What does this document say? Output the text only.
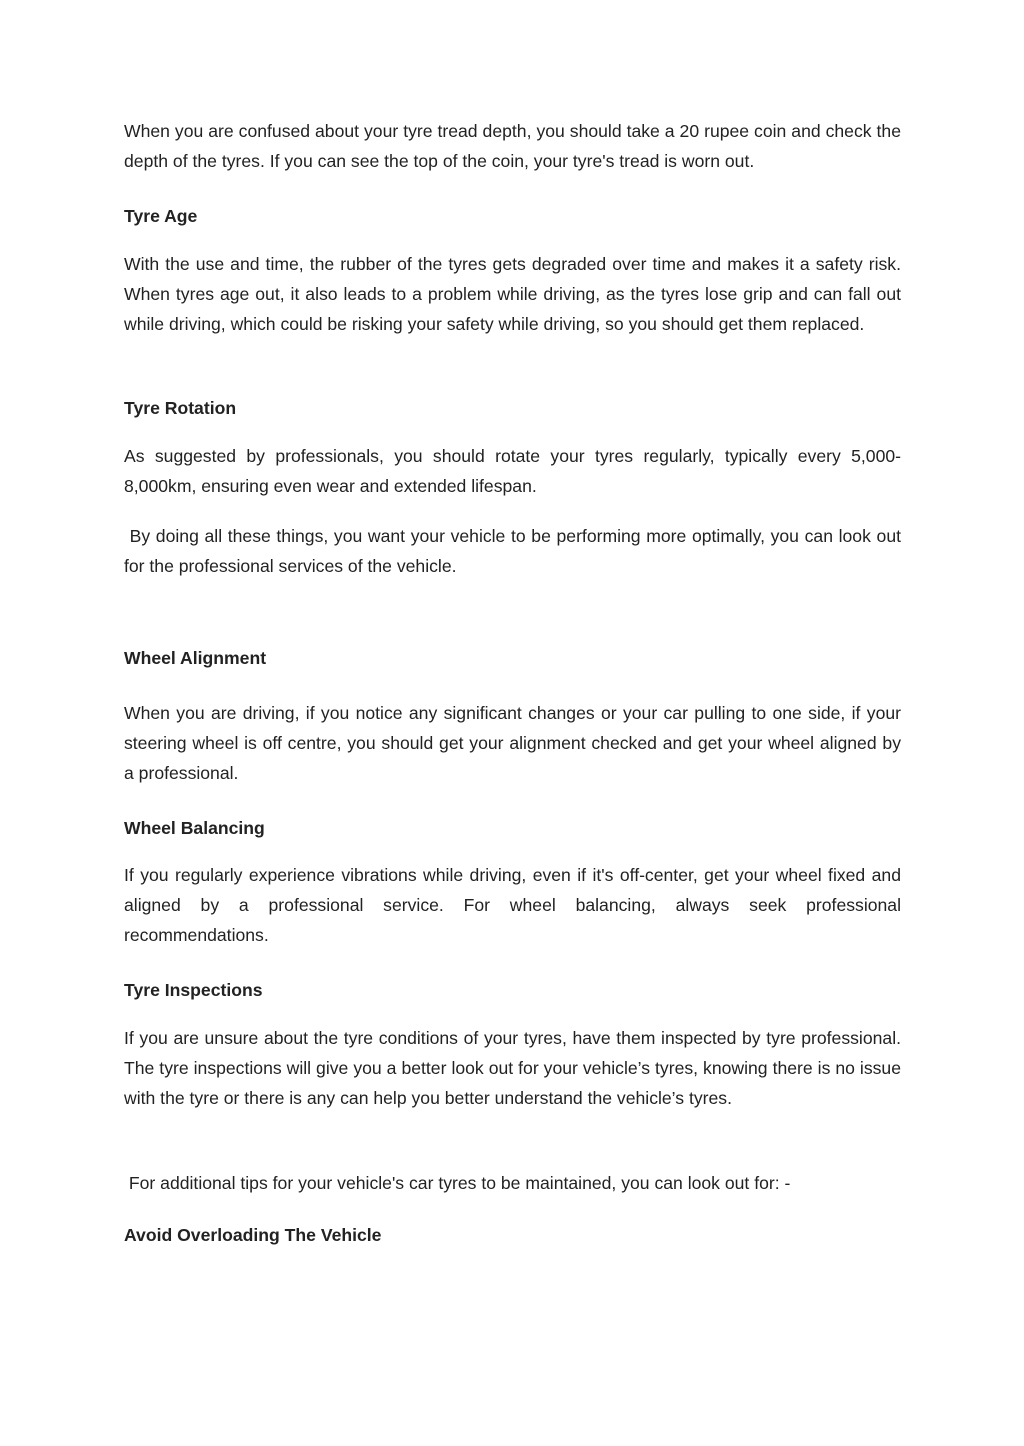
When you are confused about your tyre tread depth, you should take a 20 rupee coin and check the depth of the tyres. If you can see the top of the coin, your tyre's tread is worn out.

Tyre Age

With the use and time, the rubber of the tyres gets degraded over time and makes it a safety risk. When tyres age out, it also leads to a problem while driving, as the tyres lose grip and can fall out while driving, which could be risking your safety while driving, so you should get them replaced.

Tyre Rotation

As suggested by professionals, you should rotate your tyres regularly, typically every 5,000-8,000km, ensuring even wear and extended lifespan.

By doing all these things, you want your vehicle to be performing more optimally, you can look out for the professional services of the vehicle.

Wheel Alignment

When you are driving, if you notice any significant changes or your car pulling to one side, if your steering wheel is off centre, you should get your alignment checked and get your wheel aligned by a professional.

Wheel Balancing

If you regularly experience vibrations while driving, even if it's off-center, get your wheel fixed and aligned by a professional service. For wheel balancing, always seek professional recommendations.

Tyre Inspections

If you are unsure about the tyre conditions of your tyres, have them inspected by tyre professional. The tyre inspections will give you a better look out for your vehicle’s tyres, knowing there is no issue with the tyre or there is any can help you better understand the vehicle’s tyres.

For additional tips for your vehicle's car tyres to be maintained, you can look out for: -

Avoid Overloading The Vehicle
